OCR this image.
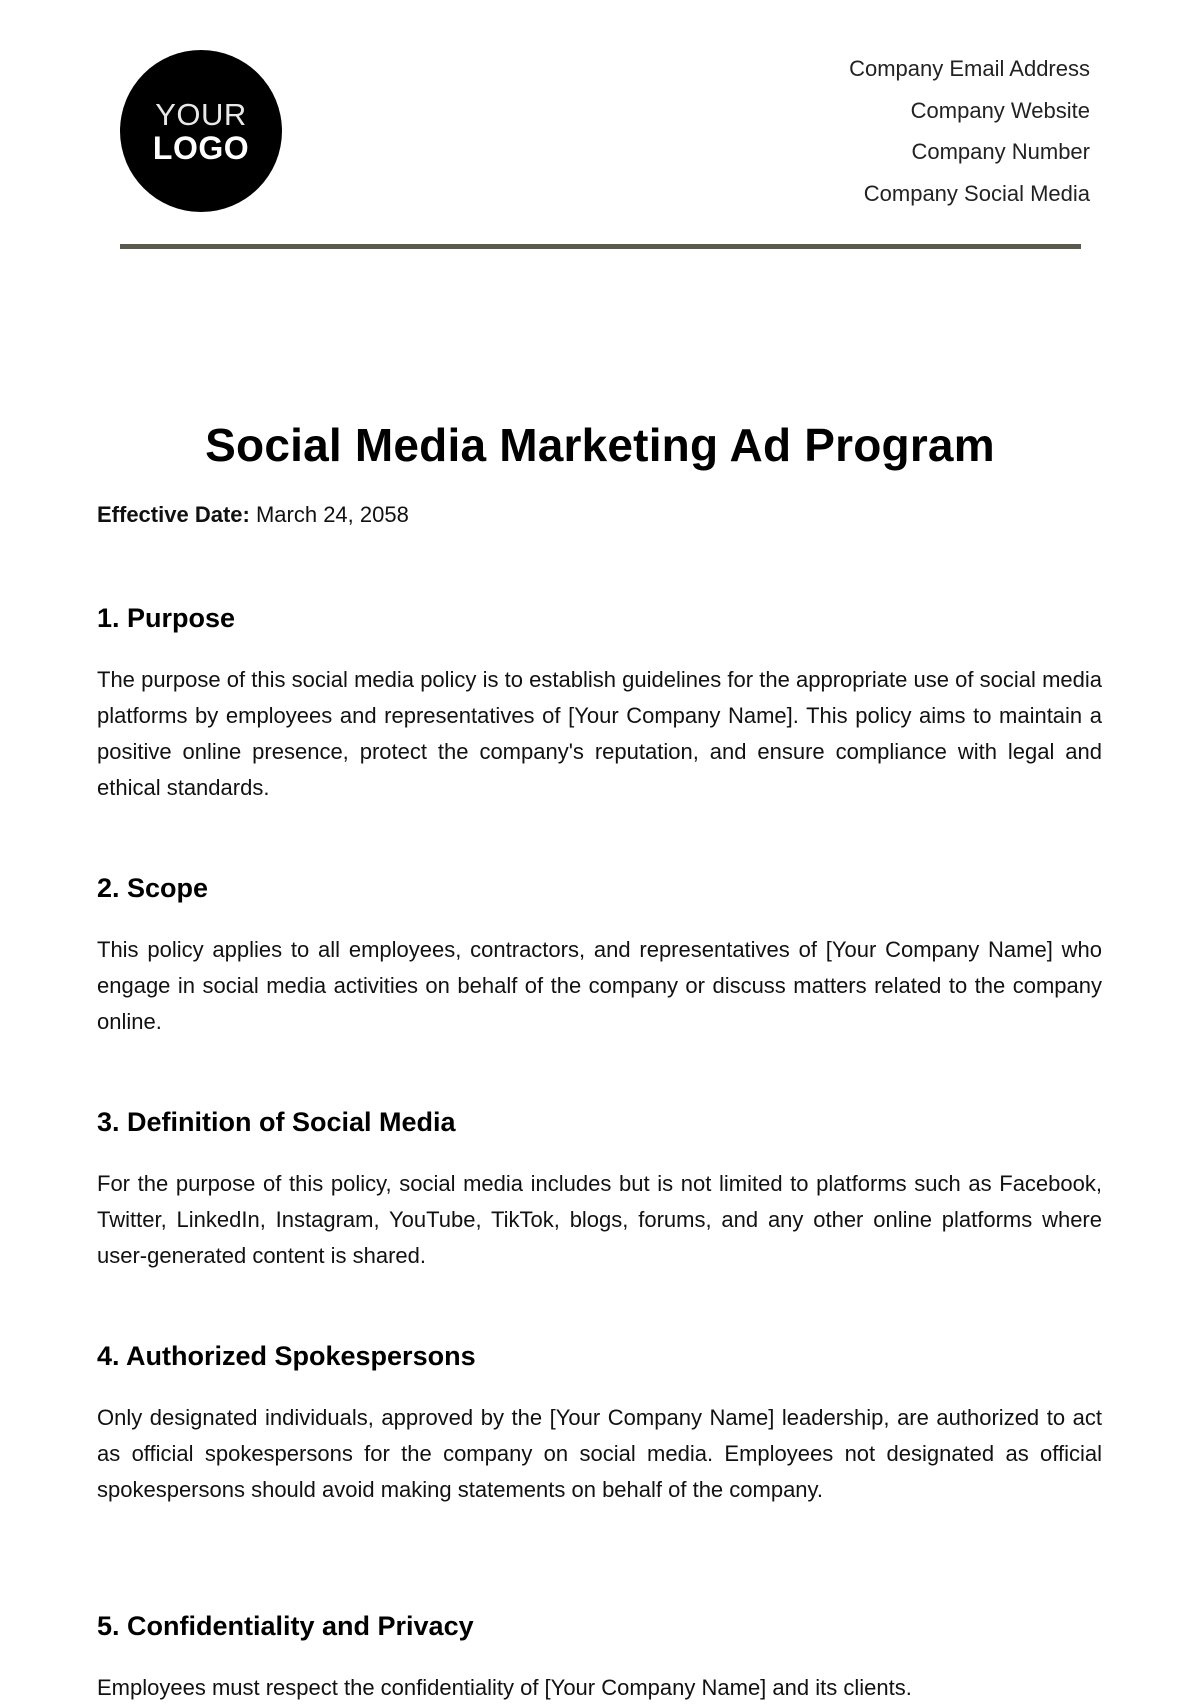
YOUR
LOGO
Company Email Address
Company Website
Company Number
Company Social Media
Social Media Marketing Ad Program
Effective Date: March 24, 2058
1. Purpose

The purpose of this social media policy is to establish guidelines for the appropriate use of social media platforms by employees and representatives of [Your Company Name]. This policy aims to maintain a positive online presence, protect the company's reputation, and ensure compliance with legal and ethical standards.

2. Scope

This policy applies to all employees, contractors, and representatives of [Your Company Name] who engage in social media activities on behalf of the company or discuss matters related to the company online.

3. Definition of Social Media

For the purpose of this policy, social media includes but is not limited to platforms such as Facebook, Twitter, LinkedIn, Instagram, YouTube, TikTok, blogs, forums, and any other online platforms where user-generated content is shared.

4. Authorized Spokespersons

Only designated individuals, approved by the [Your Company Name] leadership, are authorized to act as official spokespersons for the company on social media. Employees not designated as official spokespersons should avoid making statements on behalf of the company.

5. Confidentiality and Privacy

Employees must respect the confidentiality of [Your Company Name] and its clients.
